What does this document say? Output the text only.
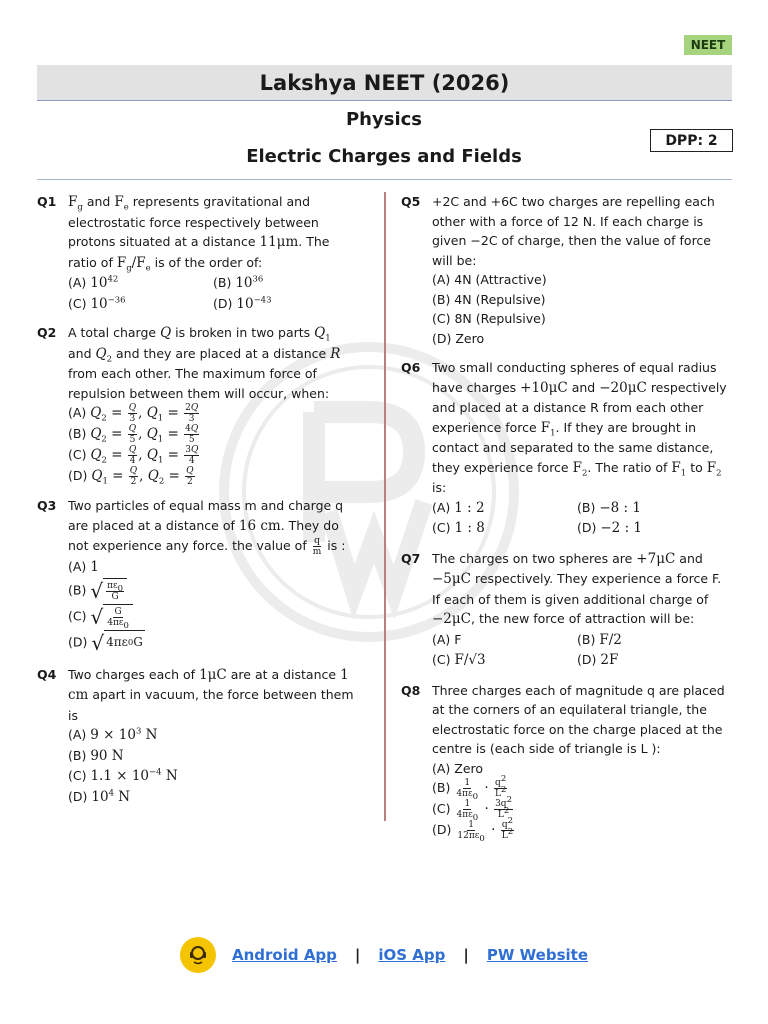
NEET
Lakshya NEET (2026)
Physics
Electric Charges and Fields
DPP: 2
Q1 $F_g$ and $F_e$ represents gravitational and electrostatic force respectively between protons situated at a distance 11μm. The ratio of $F_g/F_e$ is of the order of:
(A) $10^{42}$	(B) $10^{36}$
(C) $10^{-36}$	(D) $10^{-43}$
Q2 A total charge Q is broken in two parts $Q_1$ and $Q_2$ and they are placed at a distance R from each other. The maximum force of repulsion between them will occur, when:
(A) $Q_2 = \frac{Q}{3}$ , $Q_1 = \frac{2Q}{3}$
(B) $Q_2 = \frac{Q}{5}$ , $Q_1 = \frac{4Q}{5}$
(C) $Q_2 = \frac{Q}{4}$ , $Q_1 = \frac{3Q}{4}$
(D) $Q_1 = \frac{Q}{2}$ , $Q_2 = \frac{Q}{2}$
Q3 Two particles of equal mass m and charge q are placed at a distance of 16 cm. They do not experience any force. the value of $\frac{q}{m}$ is :
(A) 1
(B) √ $\frac{\pi\varepsilon_0}{G}$
(C) √ $\frac{G}{4\pi\varepsilon_0}$
(D) √ 4πε 0 G
Q4 Two charges each of 1μC are at a distance 1 cm apart in vacuum, the force between them is
(A) $9 \times 10^3$ N
(B) 90 N
(C) $1.1 \times 10^{-4}$ N
(D) $10^4$ N
Q5 +2C and +6C two charges are repelling each other with a force of 12 N. If each charge is given −2C of charge, then the value of force will be:
(A) 4N (Attractive)
(B) 4N (Repulsive)
(C) 8N (Repulsive)
(D) Zero
Q6 Two small conducting spheres of equal radius have charges +10μC and −20μC respectively and placed at a distance R from each other experience force $F_1$. If they are brought in contact and separated to the same distance, they experience force $F_2$. The ratio of $F_1$ to $F_2$ is:
(A) 1 : 2	(B) −8 : 1
(C) 1 : 8	(D) −2 : 1
Q7 The charges on two spheres are +7μC and −5μC respectively. They experience a force F. If each of them is given additional charge of −2μC, the new force of attraction will be:
(A) F	(B) F/2
(C) F/√3	(D) 2F
Q8 Three charges each of magnitude q are placed at the corners of an equilateral triangle, the electrostatic force on the charge placed at the centre is (each side of triangle is L ):
(A) Zero
$(B) \frac{1}{4\pi\varepsilon_0} \cdot \frac{q^2}{L^2}$
$(C) \frac{1}{4\pi\varepsilon_0} \cdot \frac{3q^2}{L^2}$
$(D) \frac{1}{12\pi\varepsilon_0} \cdot \frac{q^2}{L^2}$
Android App | iOS App | PW Website
